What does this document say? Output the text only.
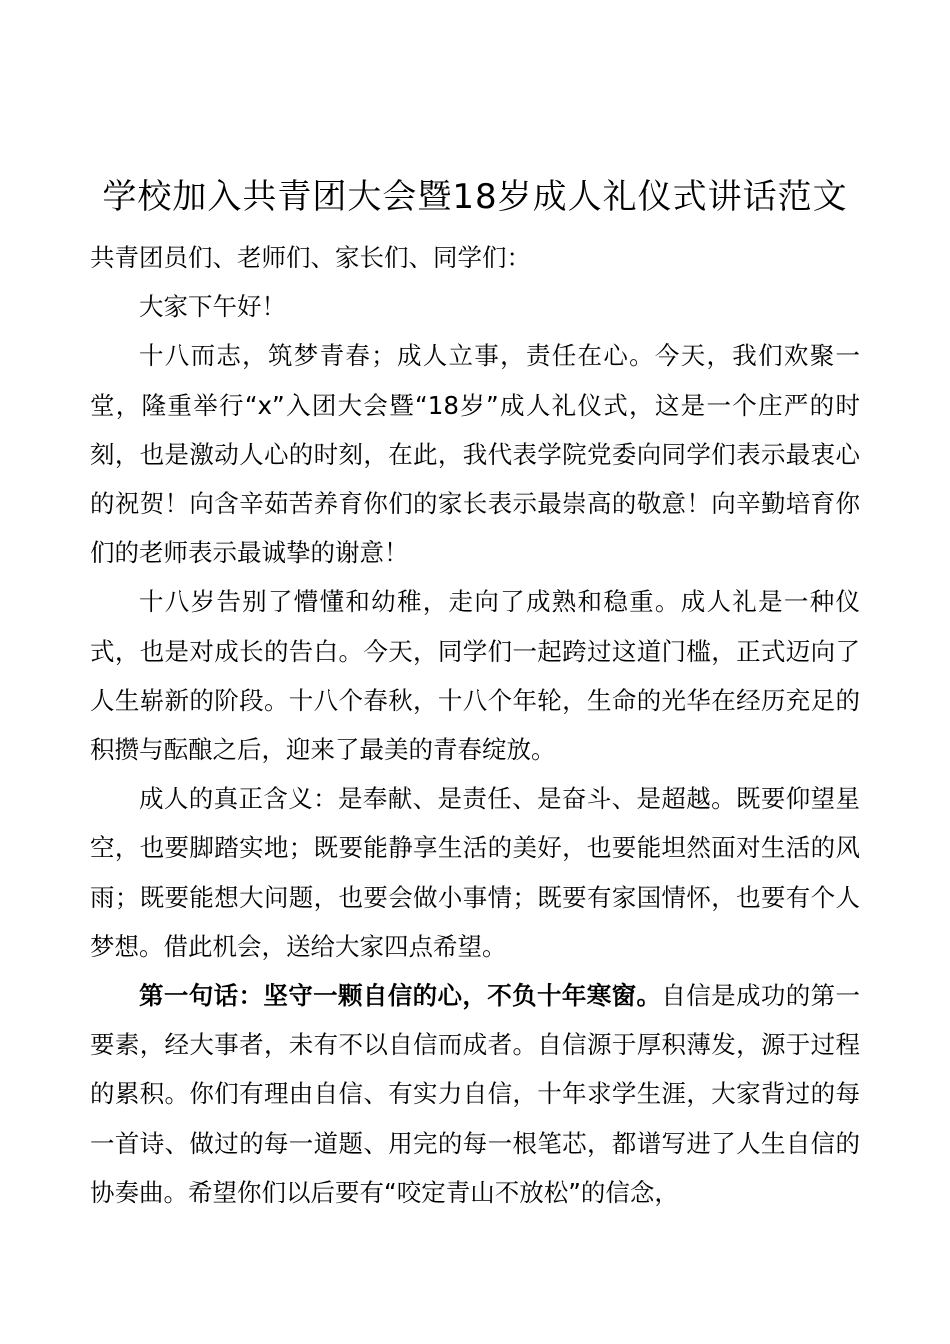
学校加入共青团大会暨18岁成人礼仪式讲话范文

共青团员们、老师们、家长们、同学们：

大家下午好！

十八而志，筑梦青春；成人立事，责任在心。今天，我们欢聚一堂，隆重举行“x”入团大会暨“18岁”成人礼仪式，这是一个庄严的时刻，也是激动人心的时刻，在此，我代表学院党委向同学们表示最衷心的祝贺！向含辛茹苦养育你们的家长表示最崇高的敬意！向辛勤培育你们的老师表示最诚挚的谢意！

十八岁告别了懵懂和幼稚，走向了成熟和稳重。成人礼是一种仪式，也是对成长的告白。今天，同学们一起跨过这道门槛，正式迈向了人生崭新的阶段。十八个春秋，十八个年轮，生命的光华在经历充足的积攒与酝酿之后，迎来了最美的青春绽放。

成人的真正含义：是奉献、是责任、是奋斗、是超越。既要仰望星空，也要脚踏实地；既要能静享生活的美好，也要能坦然面对生活的风雨；既要能想大问题，也要会做小事情；既要有家国情怀，也要有个人梦想。借此机会，送给大家四点希望。

第一句话：坚守一颗自信的心，不负十年寒窗。自信是成功的第一要素，经大事者，未有不以自信而成者。自信源于厚积薄发，源于过程的累积。你们有理由自信、有实力自信，十年求学生涯，大家背过的每一首诗、做过的每一道题、用完的每一根笔芯，都谱写进了人生自信的协奏曲。希望你们以后要有“咬定青山不放松”的信念，
